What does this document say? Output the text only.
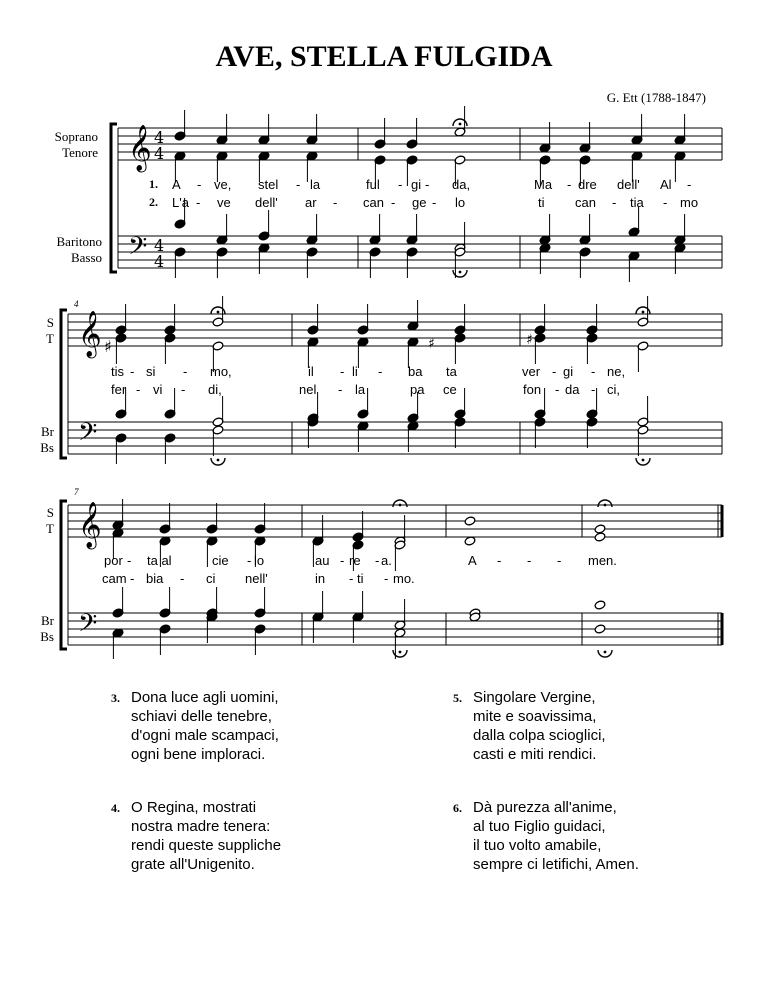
AVE, STELLA FULGIDA
G. Ett (1788-1847)
Soprano
Tenore
Baritono
Basso
S
T
Br
Bs
S
T
Br
Bs
4
7
𝄞
𝄢
4
4
4
4
𝄞
𝄢
𝄞
𝄢
♯	♯	♯
1.
2.
A - ve, stel - la	ful - gi - da,	Ma - dre dell' Al -
L'a - ve dell' ar - can - ge - lo	ti can - tia - mo
tis - si - mo,	il - li - ba ta	ver - gi - ne,
fer - vi - di,	nel - la	pa ce	fon - da - ci,
por - ta al	cie - lo	au - re - a.	A - - - men.
cam - bia - ci nell'	in - ti - mo.
3. Dona luce agli uomini,
schiavi delle tenebre,
d'ogni male scampaci,
ogni bene imploraci.
5. Singolare Vergine,
mite e soavissima,
dalla colpa sciogli​ci,
casti e miti rendici.
4. O Regina, mostrati
nostra madre tenera:
rendi queste suppliche
grate all'Unigenito.
6. Dà purezza all'anime,
al tuo Figlio guidaci,
il tuo volto amabile,
sempre ci letifichi, Amen.
